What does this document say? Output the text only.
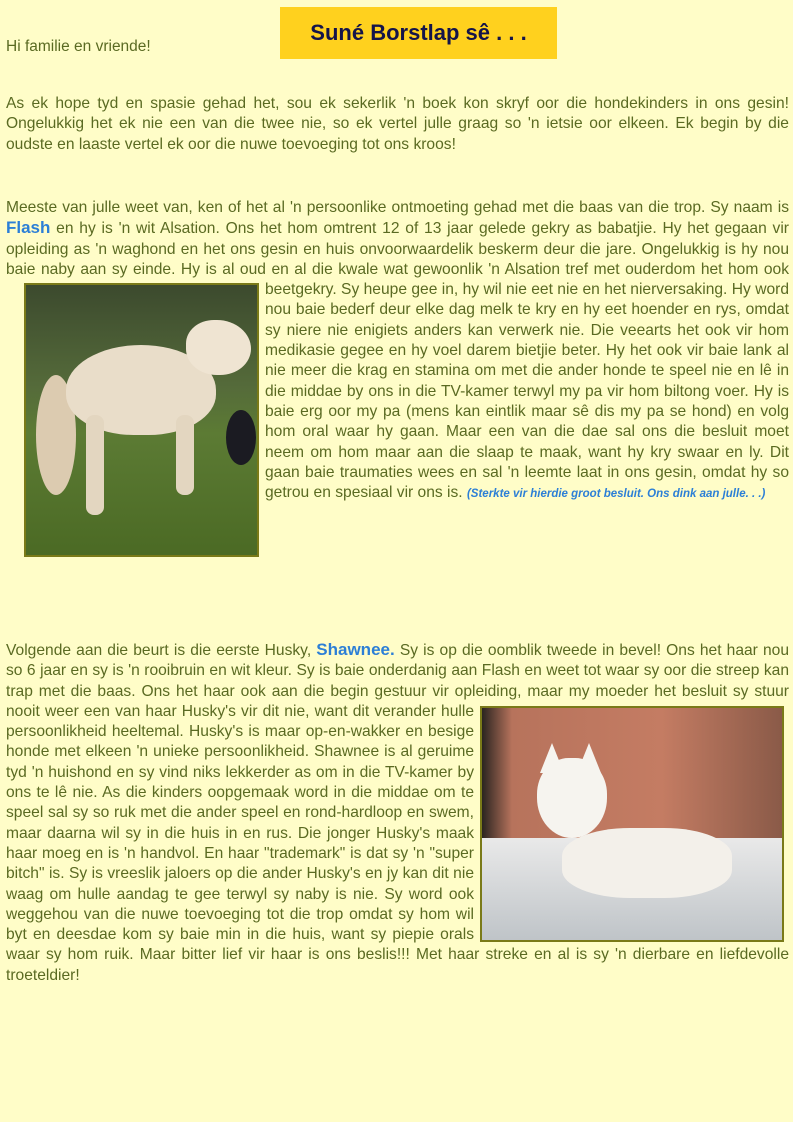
Suné Borstlap sê . . .
Hi familie en vriende!
As ek hope tyd en spasie gehad het, sou ek sekerlik 'n boek kon skryf oor die hondekinders in ons gesin! Ongelukkig het ek nie een van die twee nie, so ek vertel julle graag so 'n ietsie oor elkeen. Ek begin by die oudste en laaste vertel ek oor die nuwe toevoeging tot ons kroos!
Meeste van julle weet van, ken of het al 'n persoonlike ontmoeting gehad met die baas van die trop. Sy naam is Flash en hy is 'n wit Alsation. Ons het hom omtrent 12 of 13 jaar gelede gekry as babatjie. Hy het gegaan vir opleiding as 'n waghond en het ons gesin en huis onvoorwaardelik beskerm deur die jare. Ongelukkig is hy nou baie naby aan sy einde. Hy is al oud en al die kwale wat gewoonlik 'n Alsation tref met ouderdom het hom ook beetgekry.
Sy heupe gee in, hy wil nie eet nie en het nierversaking. Hy word nou baie bederf deur elke dag melk te kry en hy eet hoender en rys, omdat sy niere nie enigiets anders kan verwerk nie. Die veearts het ook vir hom medikasie gegee en hy voel darem bietjie beter. Hy het ook vir baie lank al nie meer die krag en stamina om met die ander honde te speel nie en lê in die middae by ons in die TV-kamer terwyl my pa vir hom biltong voer. Hy is baie erg oor my pa (mens kan eintlik maar sê dis my pa se hond) en volg hom oral waar hy gaan. Maar een van die dae sal ons die besluit moet neem om hom maar aan die slaap te maak, want hy kry swaar en ly. Dit gaan baie traumaties wees en sal 'n leemte laat in ons gesin, omdat hy so getrou en spesiaal vir ons is. (Sterkte vir hierdie groot besluit. Ons dink aan julle. . .)
Volgende aan die beurt is die eerste Husky, Shawnee. Sy is op die oomblik tweede in bevel! Ons het haar nou so 6 jaar en sy is 'n rooibruin en wit kleur. Sy is baie onderdanig aan Flash en weet tot waar sy oor die streep kan trap met die baas. Ons het haar ook aan die begin gestuur vir opleiding, maar my moeder het besluit sy stuur nooit weer een van haar
Husky's vir dit nie, want dit verander hulle persoonlikheid heeltemal. Husky's is maar op-en-wakker en besige honde met elkeen 'n unieke persoonlikheid. Shawnee is al geruime tyd 'n huishond en sy vind niks lekkerder as om in die TV-kamer by ons te lê nie. As die kinders oopgemaak word in die middae om te speel sal sy so ruk met die ander speel en rond-hardloop en swem, maar daarna wil sy in die huis in en rus. Die jonger Husky's maak haar moeg en is 'n handvol. En haar "trademark" is dat sy 'n "super bitch" is. Sy is vreeslik jaloers op die ander Husky's en jy kan dit nie waag om hulle aandag te gee terwyl sy naby is nie. Sy word ook weggehou van die nuwe toevoeging tot die trop omdat sy hom wil byt en deesdae kom sy baie min in die huis, want sy piepie orals waar sy hom ruik. Maar bitter lief vir haar is ons beslis!!! Met haar streke en al is sy 'n dierbare en liefdevolle troeteldier!
